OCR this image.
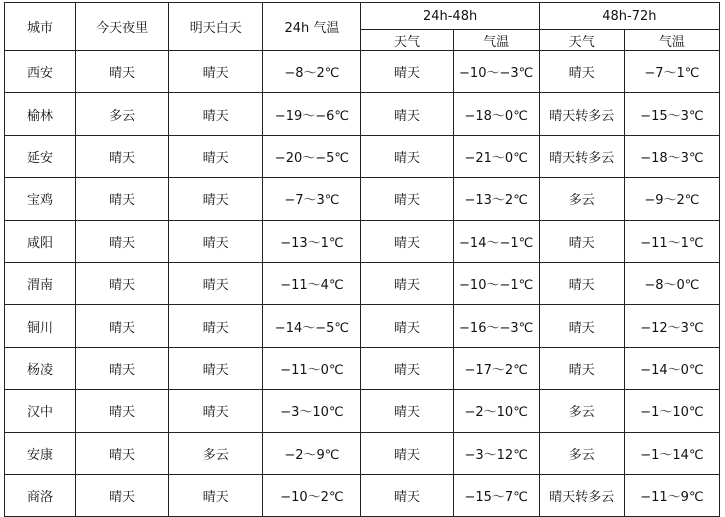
城市	今天夜里	明天白天	24h 气温	24h-48h		48h-72h	
				天气	气温	天气	气温
西安	晴天	晴天	−8～2℃	晴天	−10～−3℃	晴天	−7～1℃
榆林	多云	晴天	−19～−6℃	晴天	−18～0℃	晴天转多云	−15～3℃
延安	晴天	晴天	−20～−5℃	晴天	−21～0℃	晴天转多云	−18～3℃
宝鸡	晴天	晴天	−7～3℃	晴天	−13～2℃	多云	−9～2℃
咸阳	晴天	晴天	−13～1℃	晴天	−14～−1℃	晴天	−11～1℃
渭南	晴天	晴天	−11～4℃	晴天	−10～−1℃	晴天	−8～0℃
铜川	晴天	晴天	−14～−5℃	晴天	−16～−3℃	晴天	−12～3℃
杨凌	晴天	晴天	−11～0℃	晴天	−17～2℃	晴天	−14～0℃
汉中	晴天	晴天	−3～10℃	晴天	−2～10℃	多云	−1～10℃
安康	晴天	多云	−2～9℃	晴天	−3～12℃	多云	−1～14℃
商洛	晴天	晴天	−10～2℃	晴天	−15～7℃	晴天转多云	−11～9℃
